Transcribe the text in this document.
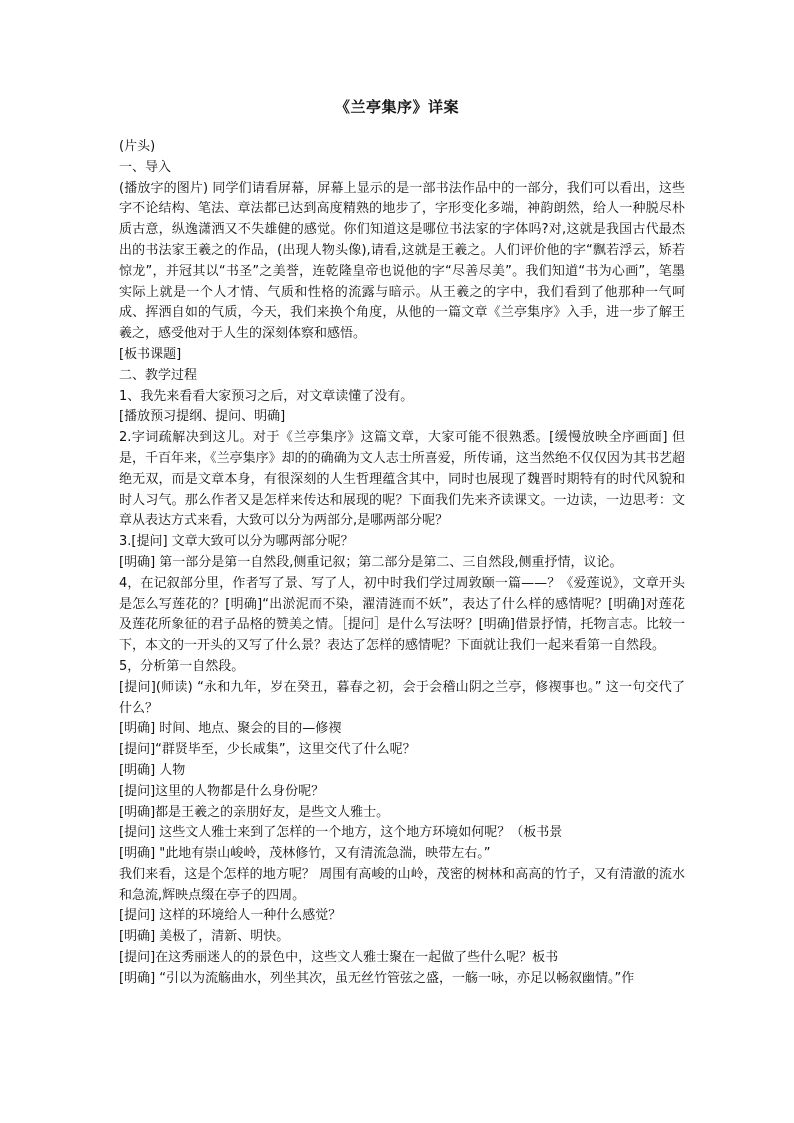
《兰亭集序》详案

(片头)

一、导入

(播放字的图片) 同学们请看屏幕，屏幕上显示的是一部书法作品中的一部分，我们可以看出，这些字不论结构、笔法、章法都已达到高度精熟的地步了，字形变化多端，神韵朗然，给人一种脱尽朴质古意，纵逸潇洒又不失雄健的感觉。你们知道这是哪位书法家的字体吗?对,这就是我国古代最杰出的书法家王羲之的作品，(出现人物头像),请看,这就是王羲之。人们评价他的字“飘若浮云，矫若惊龙”，并冠其以“书圣”之美誉，连乾隆皇帝也说他的字“尽善尽美”。我们知道“书为心画”，笔墨实际上就是一个人才情、气质和性格的流露与暗示。从王羲之的字中，我们看到了他那种一气呵成、挥洒自如的气质，今天，我们来换个角度，从他的一篇文章《兰亭集序》入手，进一步了解王羲之，感受他对于人生的深刻体察和感悟。

[板书课题]

二、教学过程

1、我先来看看大家预习之后，对文章读懂了没有。

[播放预习提纲、提问、明确]

2.字词疏解决到这儿。对于《兰亭集序》这篇文章，大家可能不很熟悉。[缓慢放映全序画面] 但是，千百年来，《兰亭集序》却的的确确为文人志士所喜爱，所传诵，这当然绝不仅仅因为其书艺超绝无双，而是文章本身，有很深刻的人生哲理蕴含其中，同时也展现了魏晋时期特有的时代风貌和时人习气。那么作者又是怎样来传达和展现的呢？下面我们先来齐读课文。一边读，一边思考：文章从表达方式来看，大致可以分为两部分,是哪两部分呢？

3.[提问] 文章大致可以分为哪两部分呢？

[明确] 第一部分是第一自然段,侧重记叙；第二部分是第二、三自然段,侧重抒情，议论。

4，在记叙部分里，作者写了景、写了人，初中时我们学过周敦颐一篇——？《爱莲说》，文章开头是怎么写莲花的？[明确]“出淤泥而不染，濯清涟而不妖”，表达了什么样的感情呢？[明确]对莲花及莲花所象征的君子品格的赞美之情。［提问］是什么写法呀？[明确]借景抒情，托物言志。比较一下，本文的一开头的又写了什么景？表达了怎样的感情呢？下面就让我们一起来看第一自然段。

5，分析第一自然段。

[提问](师读) “永和九年，岁在癸丑，暮春之初，会于会稽山阴之兰亭，修禊事也。” 这一句交代了什么？

[明确] 时间、地点、聚会的目的—修禊

[提问]“群贤毕至，少长咸集”，这里交代了什么呢？

[明确] 人物

[提问]这里的人物都是什么身份呢？

[明确]都是王羲之的亲朋好友，是些文人雅士。

[提问] 这些文人雅士来到了怎样的一个地方，这个地方环境如何呢？（板书景

[明确] "此地有崇山峻岭，茂林修竹，又有清流急湍，映带左右。”

我们来看，这是个怎样的地方呢？ 周围有高峻的山岭，茂密的树林和高高的竹子，又有清澈的流水和急流,辉映点缀在亭子的四周。

[提问] 这样的环境给人一种什么感觉？

[明确] 美极了，清新、明快。

[提问]在这秀丽迷人的的景色中，这些文人雅士聚在一起做了些什么呢？板书

[明确] “引以为流觞曲水，列坐其次，虽无丝竹管弦之盛，一觞一咏，亦足以畅叙幽情。”作
